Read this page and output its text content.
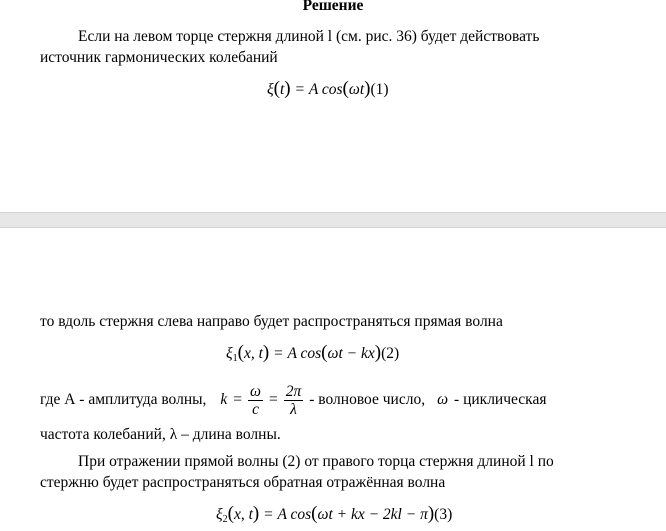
Решение
Если на левом торце стержня длиной l (см. рис. 36) будет действовать
источник гармонических колебаний
ξ(t) = A cos(ωt)(1)
то вдоль стержня слева направо будет распространяться прямая волна
$\xi_1(x$, t) = A cos(ωt − kx)(2)
где А - амплитуда волны, $k = \frac{\omega}{c} = \frac{2\pi}{\lambda}$ - волновое число, ω - циклическая
частота колебаний, λ – длина волны.
При отражении прямой волны (2) от правого торца стержня длиной l по
стержню будет распространяться обратная отражённая волна
$\xi_2(x$, t) = A cos(ωt + kx − 2kl − π)(3)
